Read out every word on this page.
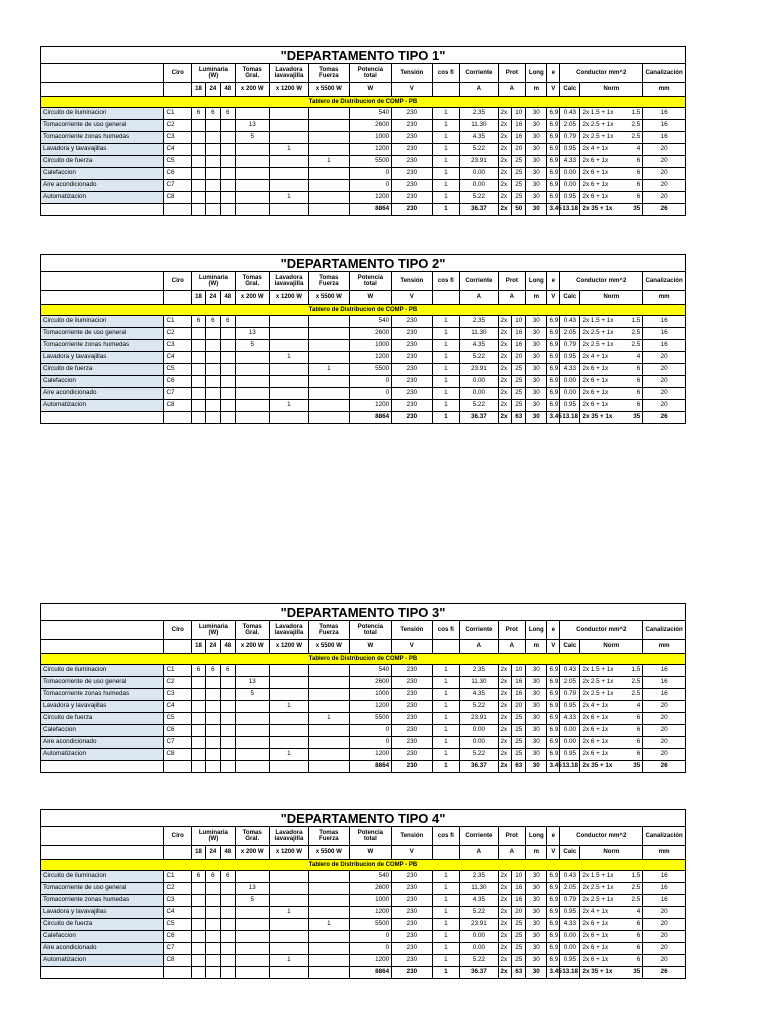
"DEPARTAMENTO TIPO 1"																		
	Ciro	Luminaria (W)			Tomas Gral.	Lavadora lavavajilla	Tomas Fuerza	Potencia total	Tensión	cos fi	Corriente	Prot		Long	e	Conductor mm^2		Canalización
		18	24	48	x 200 W	x 1200 W	x 5500 W	W	V		A	A		m	V	Calc	Norm	mm
Tablero de Distribucion de COMP - PB																		
Circuito de iluminacion	C1	6	6	6				540	230	1	2.35	2x	10	30	6.9	0.43	2x 1.5 + 1x 1.5	16
Tomacorriente de uso general	C2				13			2600	230	1	11.30	2x	16	30	6.9	2.05	2x 2.5 + 1x 2.5	16
Tomacorriente zonas humedas	C3				5			1000	230	1	4.35	2x	16	30	6.9	0.79	2x 2.5 + 1x 2.5	16
Lavadora y lavavajillas	C4					1		1200	230	1	5.22	2x	20	30	6.9	0.95	2x 4 + 1x 4	20
Circuito de fuerza	C5						1	5500	230	1	23.91	2x	25	30	6.9	4.33	2x 6 + 1x 6	20
Calefaccion	C6							0	230	1	0.00	2x	25	30	6.9	0.00	2x 6 + 1x 6	20
Aire acondicionado	C7							0	230	1	0.00	2x	25	30	6.9	0.00	2x 6 + 1x 6	20
Automatizacion	C8					1		1200	230	1	5.22	2x	25	30	6.9	0.95	2x 6 + 1x 6	20
								8864	230	1	36.37	2x	50	30	3.45	13.18	2x 35 + 1x 35	26
"DEPARTAMENTO TIPO 2"																		
	Ciro	Luminaria (W)			Tomas Gral.	Lavadora lavavajilla	Tomas Fuerza	Potencia total	Tensión	cos fi	Corriente	Prot		Long	e	Conductor mm^2		Canalización
		18	24	48	x 200 W	x 1200 W	x 5500 W	W	V		A	A		m	V	Calc	Norm	mm
Tablero de Distribucion de COMP - PB																		
Circuito de iluminacion	C1	6	6	6				540	230	1	2.35	2x	10	30	6.9	0.43	2x 1.5 + 1x 1.5	16
Tomacorriente de uso general	C2				13			2600	230	1	11.30	2x	16	30	6.9	2.05	2x 2.5 + 1x 2.5	16
Tomacorriente zonas humedas	C3				5			1000	230	1	4.35	2x	16	30	6.9	0.79	2x 2.5 + 1x 2.5	16
Lavadora y lavavajillas	C4					1		1200	230	1	5.22	2x	20	30	6.9	0.95	2x 4 + 1x 4	20
Circuito de fuerza	C5						1	5500	230	1	23.91	2x	25	30	6.9	4.33	2x 6 + 1x 6	20
Calefaccion	C6							0	230	1	0.00	2x	25	30	6.9	0.00	2x 6 + 1x 6	20
Aire acondicionado	C7							0	230	1	0.00	2x	25	30	6.9	0.00	2x 6 + 1x 6	20
Automatizacion	C8					1		1200	230	1	5.22	2x	25	30	6.9	0.95	2x 6 + 1x 6	20
								8864	230	1	36.37	2x	63	30	3.45	13.18	2x 35 + 1x 35	26
"DEPARTAMENTO TIPO 3"																		
	Ciro	Luminaria (W)			Tomas Gral.	Lavadora lavavajilla	Tomas Fuerza	Potencia total	Tensión	cos fi	Corriente	Prot		Long	e	Conductor mm^2		Canalización
		18	24	48	x 200 W	x 1200 W	x 5500 W	W	V		A	A		m	V	Calc	Norm	mm
Tablero de Distribucion de COMP - PB																		
Circuito de iluminacion	C1	6	6	6				540	230	1	2.35	2x	10	30	6.9	0.43	2x 1.5 + 1x 1.5	16
Tomacorriente de uso general	C2				13			2600	230	1	11.30	2x	16	30	6.9	2.05	2x 2.5 + 1x 2.5	16
Tomacorriente zonas humedas	C3				5			1000	230	1	4.35	2x	16	30	6.9	0.79	2x 2.5 + 1x 2.5	16
Lavadora y lavavajillas	C4					1		1200	230	1	5.22	2x	20	30	6.9	0.95	2x 4 + 1x 4	20
Circuito de fuerza	C5						1	5500	230	1	23.91	2x	25	30	6.9	4.33	2x 6 + 1x 6	20
Calefaccion	C6							0	230	1	0.00	2x	25	30	6.9	0.00	2x 6 + 1x 6	20
Aire acondicionado	C7							0	230	1	0.00	2x	25	30	6.9	0.00	2x 6 + 1x 6	20
Automatizacion	C8					1		1200	230	1	5.22	2x	25	30	6.9	0.95	2x 6 + 1x 6	20
								8864	230	1	36.37	2x	63	30	3.45	13.18	2x 35 + 1x 35	26
"DEPARTAMENTO TIPO 4"																		
	Ciro	Luminaria (W)			Tomas Gral.	Lavadora lavavajilla	Tomas Fuerza	Potencia total	Tensión	cos fi	Corriente	Prot		Long	e	Conductor mm^2		Canalización
		18	24	48	x 200 W	x 1200 W	x 5500 W	W	V		A	A		m	V	Calc	Norm	mm
Tablero de Distribucion de COMP - PB																		
Circuito de iluminacion	C1	6	6	6				540	230	1	2.35	2x	10	30	6.9	0.43	2x 1.5 + 1x 1.5	16
Tomacorriente de uso general	C2				13			2600	230	1	11.30	2x	16	30	6.9	2.05	2x 2.5 + 1x 2.5	16
Tomacorriente zonas humedas	C3				5			1000	230	1	4.35	2x	16	30	6.9	0.79	2x 2.5 + 1x 2.5	16
Lavadora y lavavajillas	C4					1		1200	230	1	5.22	2x	20	30	6.9	0.95	2x 4 + 1x 4	20
Circuito de fuerza	C5						1	5500	230	1	23.91	2x	25	30	6.9	4.33	2x 6 + 1x 6	20
Calefaccion	C6							0	230	1	0.00	2x	25	30	6.9	0.00	2x 6 + 1x 6	20
Aire acondicionado	C7							0	230	1	0.00	2x	25	30	6.9	0.00	2x 6 + 1x 6	20
Automatizacion	C8					1		1200	230	1	5.22	2x	25	30	6.9	0.95	2x 6 + 1x 6	20
								8864	230	1	36.37	2x	63	30	3.45	13.18	2x 35 + 1x 35	26
